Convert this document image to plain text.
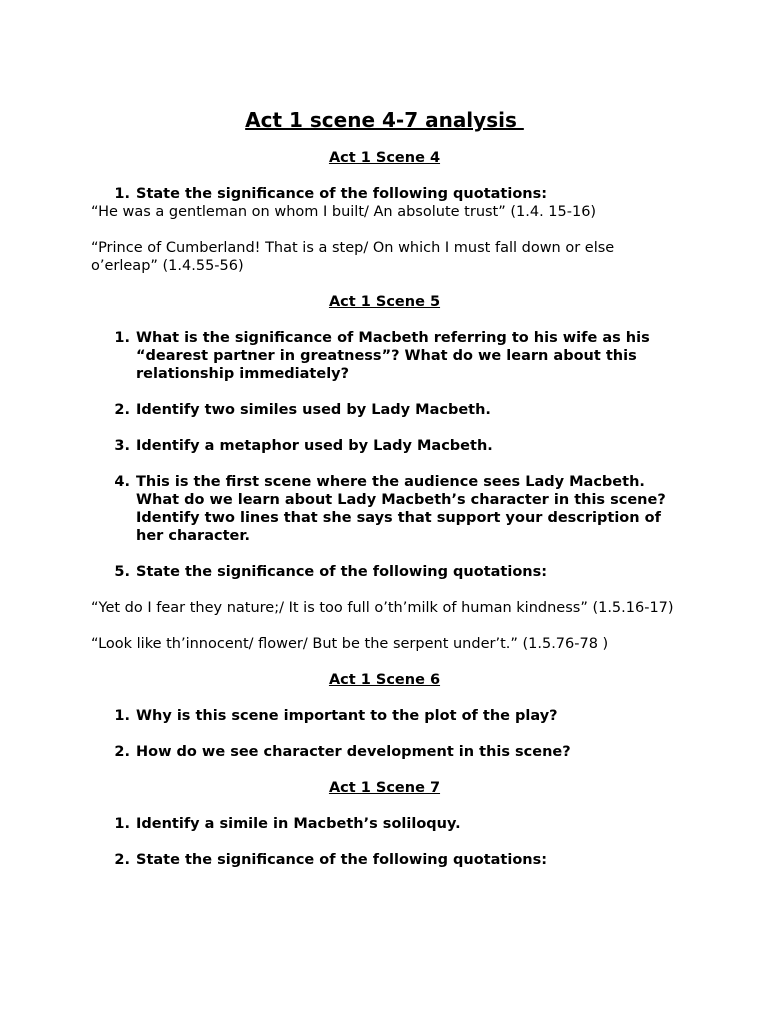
Act 1 scene 4-7 analysis
Act 1 Scene 4
1. State the significance of the following quotations:

“He was a gentleman on whom I built/ An absolute trust” (1.4. 15-16)

“Prince of Cumberland! That is a step/ On which I must fall down or else o’erleap” (1.4.55-56)

Act 1 Scene 5
1. What is the significance of Macbeth referring to his wife as his “dearest partner in greatness”? What do we learn about this relationship immediately?
2. Identify two similes used by Lady Macbeth.
3. Identify a metaphor used by Lady Macbeth.
4. This is the first scene where the audience sees Lady Macbeth. What do we learn about Lady Macbeth’s character in this scene? Identify two lines that she says that support your description of her character.
5. State the significance of the following quotations:

“Yet do I fear they nature;/ It is too full o’th’milk of human kindness” (1.5.16-17)

“Look like th’innocent/ flower/ But be the serpent under’t.” (1.5.76-78 )

Act 1 Scene 6
1. Why is this scene important to the plot of the play?
2. How do we see character development in this scene?
Act 1 Scene 7
1. Identify a simile in Macbeth’s soliloquy.
2. State the significance of the following quotations:
